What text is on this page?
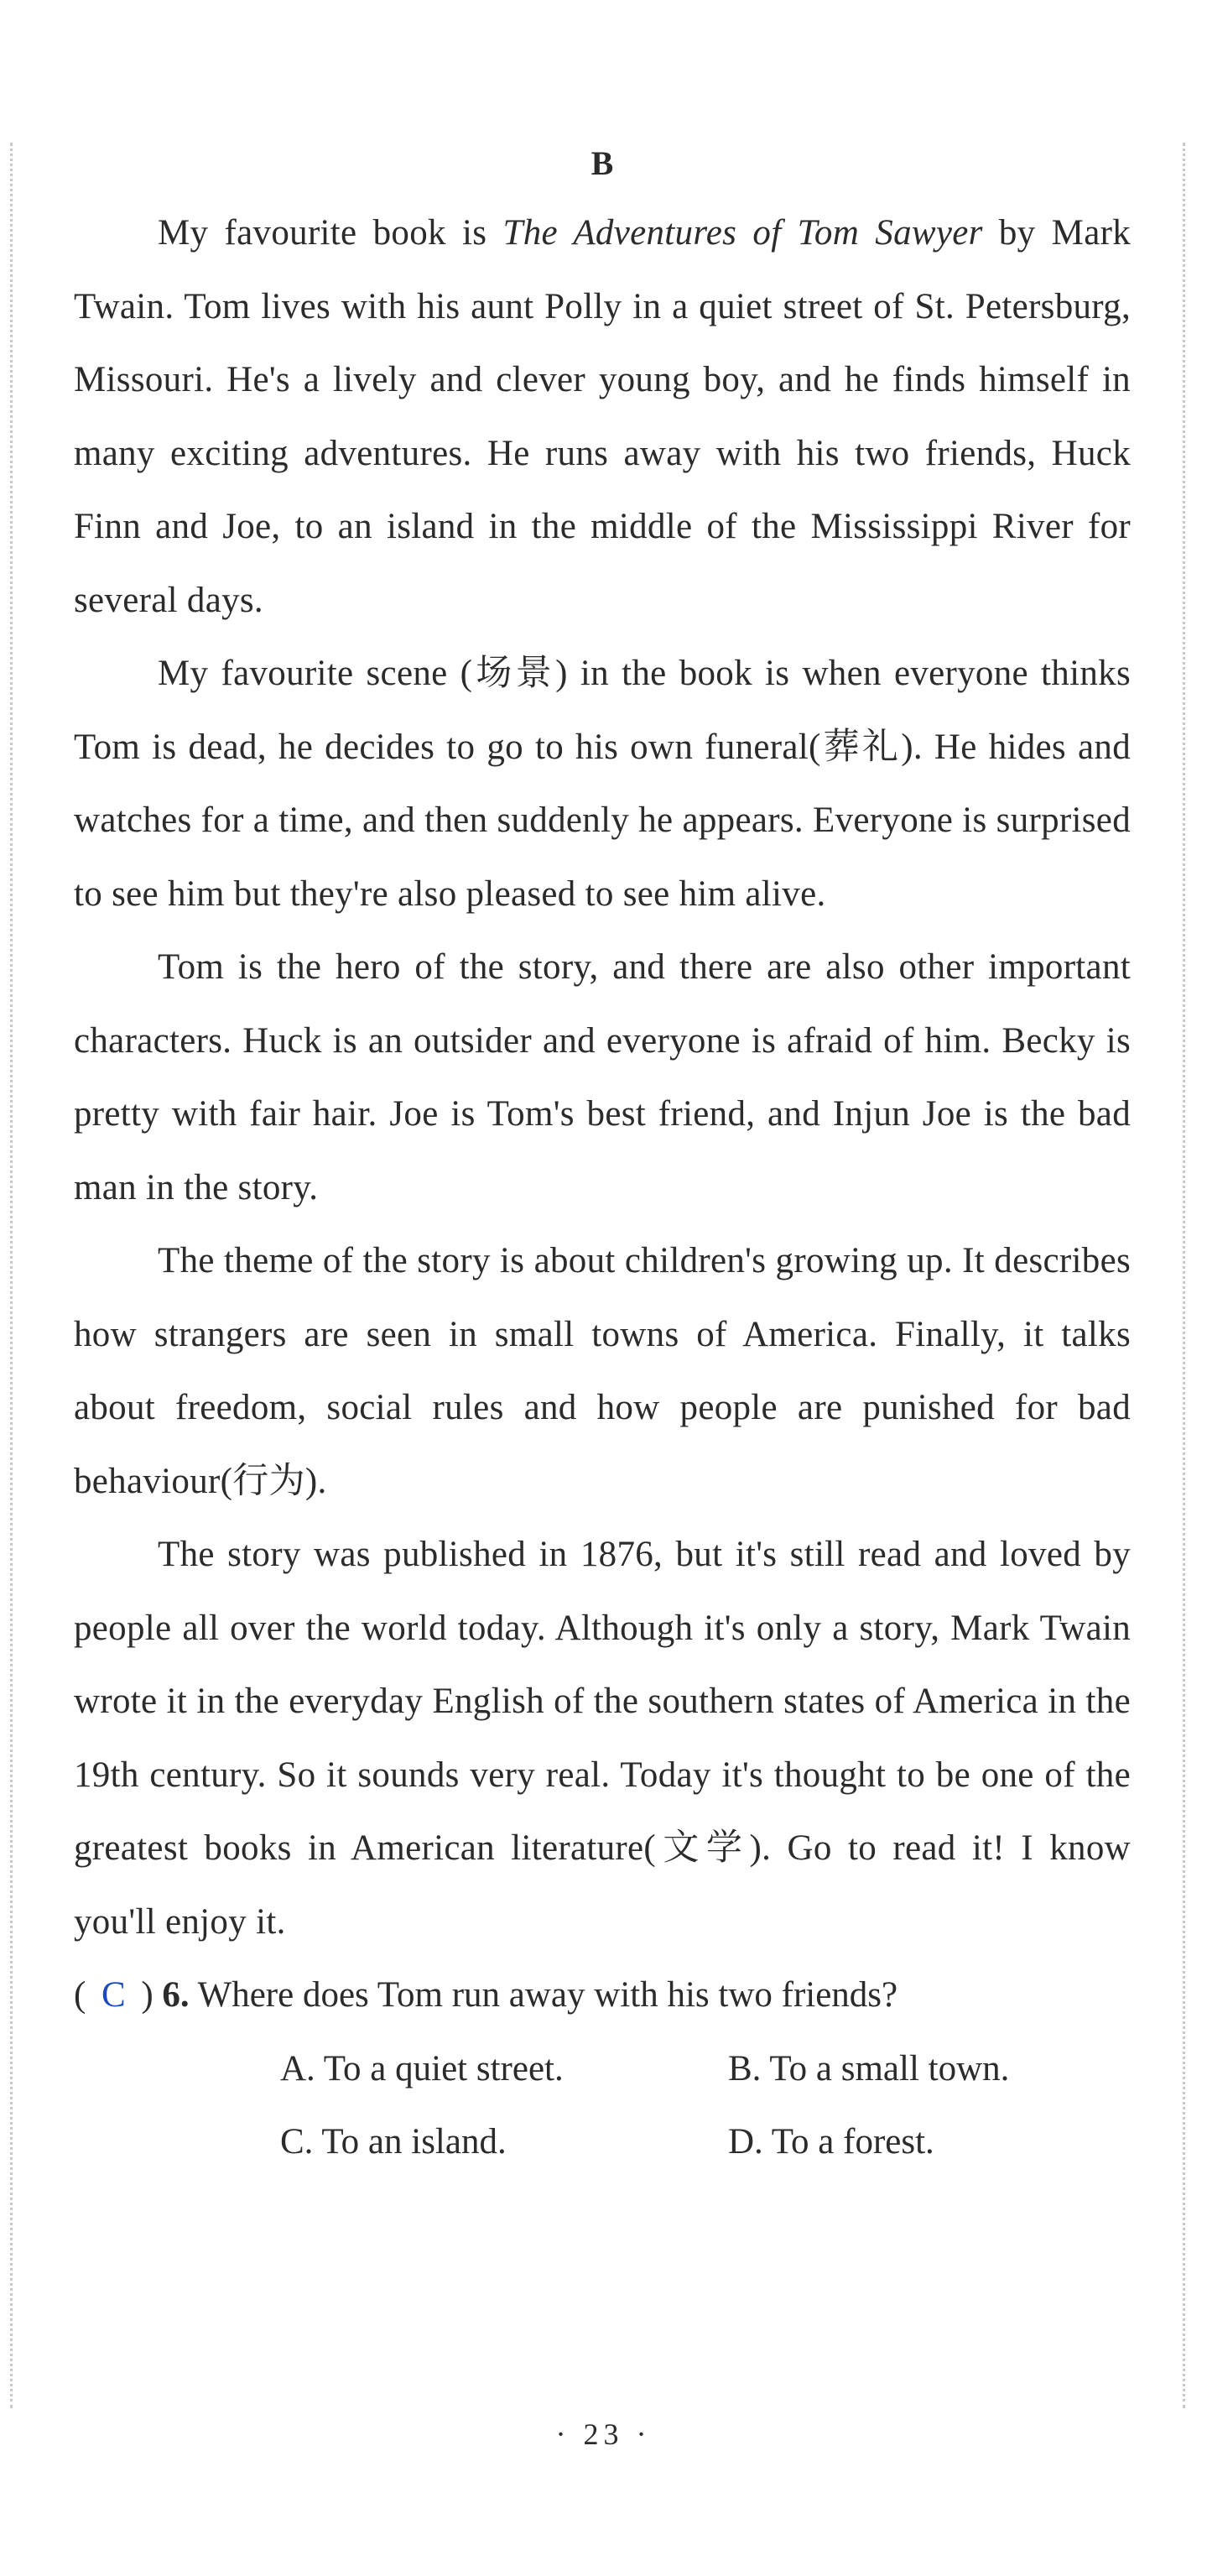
B

My favourite book is The Adventures of Tom Sawyer by Mark Twain. Tom lives with his aunt Polly in a quiet street of St. Petersburg, Missouri. He's a lively and clever young boy, and he finds himself in many exciting adventures. He runs away with his two friends, Huck Finn and Joe, to an island in the middle of the Mississippi River for several days.

My favourite scene (场景) in the book is when everyone thinks Tom is dead, he decides to go to his own funeral(葬礼). He hides and watches for a time, and then suddenly he appears. Everyone is surprised to see him but they're also pleased to see him alive.

Tom is the hero of the story, and there are also other important characters. Huck is an outsider and everyone is afraid of him. Becky is pretty with fair hair. Joe is Tom's best friend, and Injun Joe is the bad man in the story.

The theme of the story is about children's growing up. It describes how strangers are seen in small towns of America. Finally, it talks about freedom, social rules and how people are punished for bad behaviour(行为).

The story was published in 1876, but it's still read and loved by people all over the world today. Although it's only a story, Mark Twain wrote it in the everyday English of the southern states of America in the 19th century. So it sounds very real. Today it's thought to be one of the greatest books in American literature(文学). Go to read it! I know you'll enjoy it.

( C ) 6. Where does Tom run away with his two friends?
A. To a quiet street.	B. To a small town.
C. To an island.	D. To a forest.
· 23 ·
